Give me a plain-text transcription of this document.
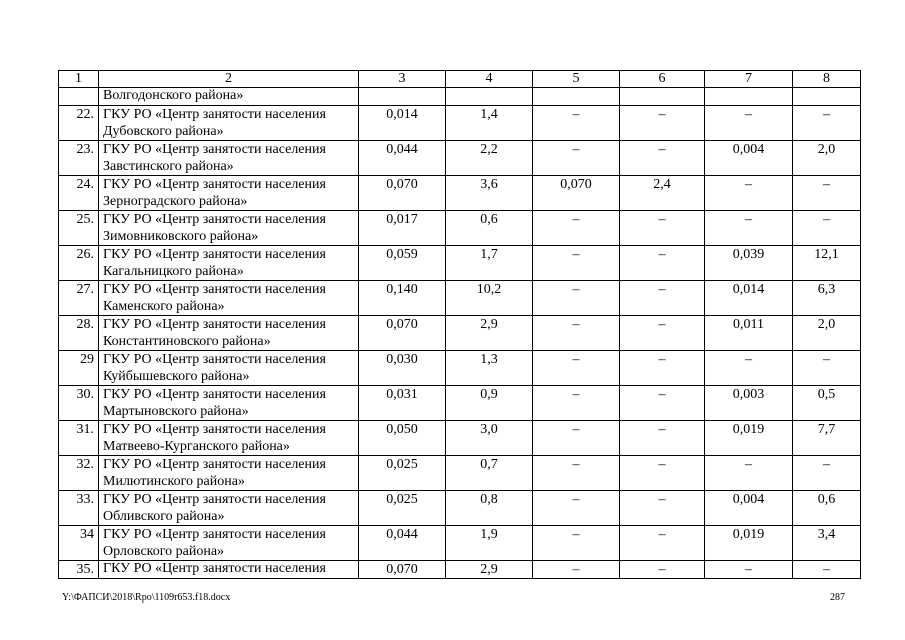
1	2	3	4	5	6	7	8
	Волгодонского района»						
22.	ГКУ РО «Центр занятости населения
Дубовского района»	0,014	1,4	–	–	–	–
23.	ГКУ РО «Центр занятости населения
Завстинского района»	0,044	2,2	–	–	0,004	2,0
24.	ГКУ РО «Центр занятости населения
Зерноградского района»	0,070	3,6	0,070	2,4	–	–
25.	ГКУ РО «Центр занятости населения
Зимовниковского района»	0,017	0,6	–	–	–	–
26.	ГКУ РО «Центр занятости населения
Кагальницкого района»	0,059	1,7	–	–	0,039	12,1
27.	ГКУ РО «Центр занятости населения
Каменского района»	0,140	10,2	–	–	0,014	6,3
28.	ГКУ РО «Центр занятости населения
Константиновского района»	0,070	2,9	–	–	0,011	2,0
29	ГКУ РО «Центр занятости населения
Куйбышевского района»	0,030	1,3	–	–	–	–
30.	ГКУ РО «Центр занятости населения
Мартыновского района»	0,031	0,9	–	–	0,003	0,5
31.	ГКУ РО «Центр занятости населения
Матвеево-Курганского района»	0,050	3,0	–	–	0,019	7,7
32.	ГКУ РО «Центр занятости населения
Милютинского района»	0,025	0,7	–	–	–	–
33.	ГКУ РО «Центр занятости населения
Обливского района»	0,025	0,8	–	–	0,004	0,6
34	ГКУ РО «Центр занятости населения
Орловского района»	0,044	1,9	–	–	0,019	3,4
35.	ГКУ РО «Центр занятости населения	0,070	2,9	–	–	–	–
Y:\ФАПСИ\2018\Rpo\1109r653.f18.docx	287
